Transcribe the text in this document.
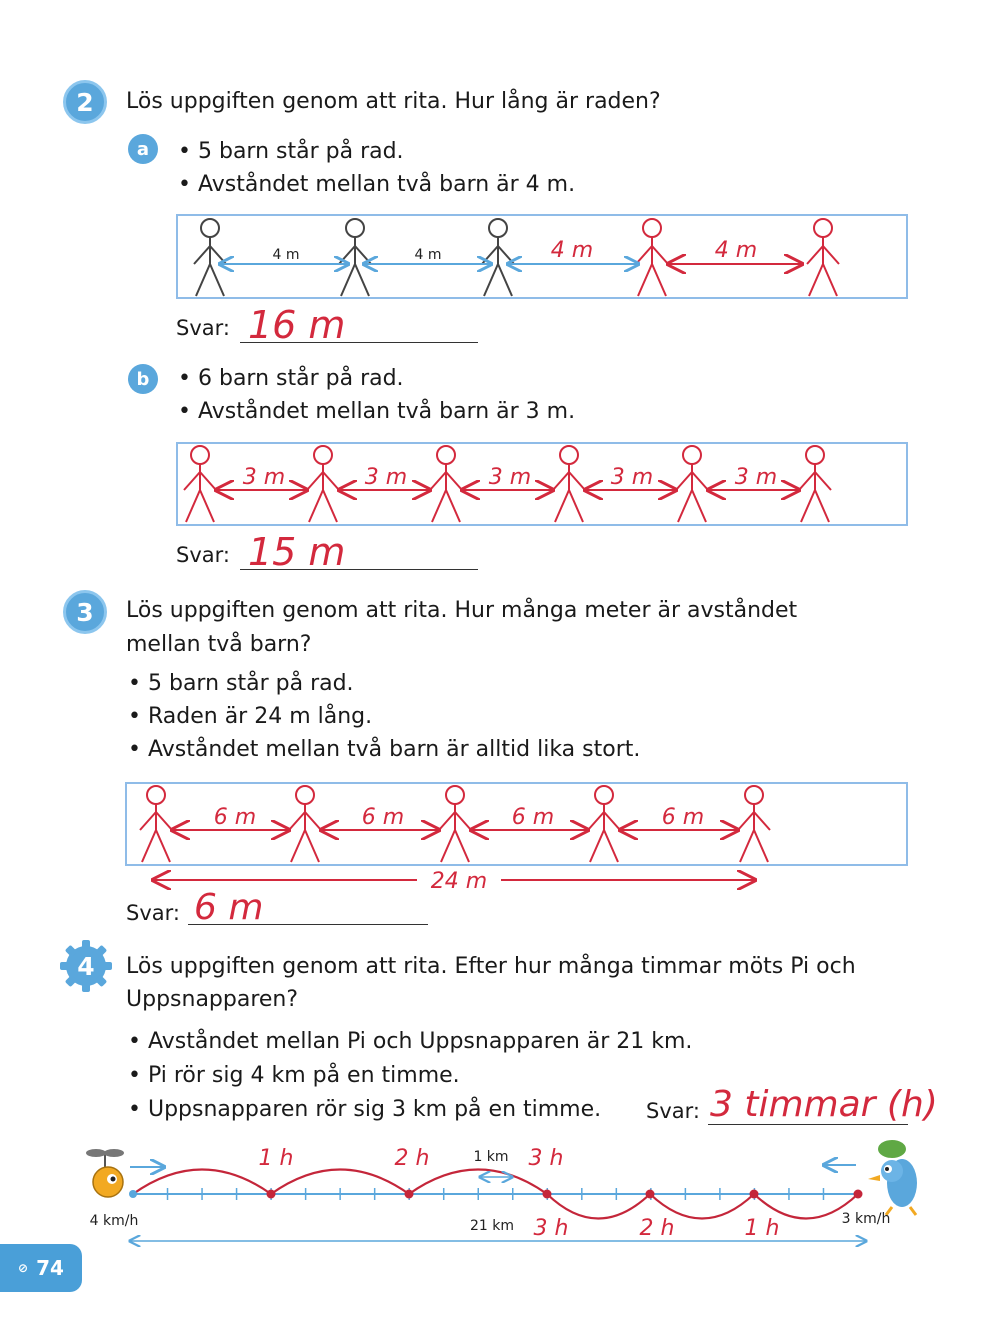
2	Lös uppgiften genom att rita. Hur lång är raden?
a	• 5 barn står på rad.
• Avståndet mellan två barn är 4 m.
4 m	4 m	4 m	4 m
Svar: 16 m
b	• 6 barn står på rad.
• Avståndet mellan två barn är 3 m.
3 m	3 m	3 m	3 m	3 m
Svar: 15 m
3	Lös uppgiften genom att rita. Hur många meter är avståndet
mellan två barn?
• 5 barn står på rad.
• Raden är 24 m lång.
• Avståndet mellan två barn är alltid lika stort.
6 m	6 m	6 m	6 m
24 m
Svar: 6 m
4 Lös uppgiften genom att rita. Efter hur många timmar möts Pi och
Uppsnapparen?
• Avståndet mellan Pi och Uppsnapparen är 21 km.
• Pi rör sig 4 km på en timme.
• Uppsnapparen rör sig 3 km på en timme. Svar: 3 timmar (h)
1 h	2 h	3 h
3 h	2 h	1 h
1 km
4 km/h	3 km/h
21 km
⊘ 74
